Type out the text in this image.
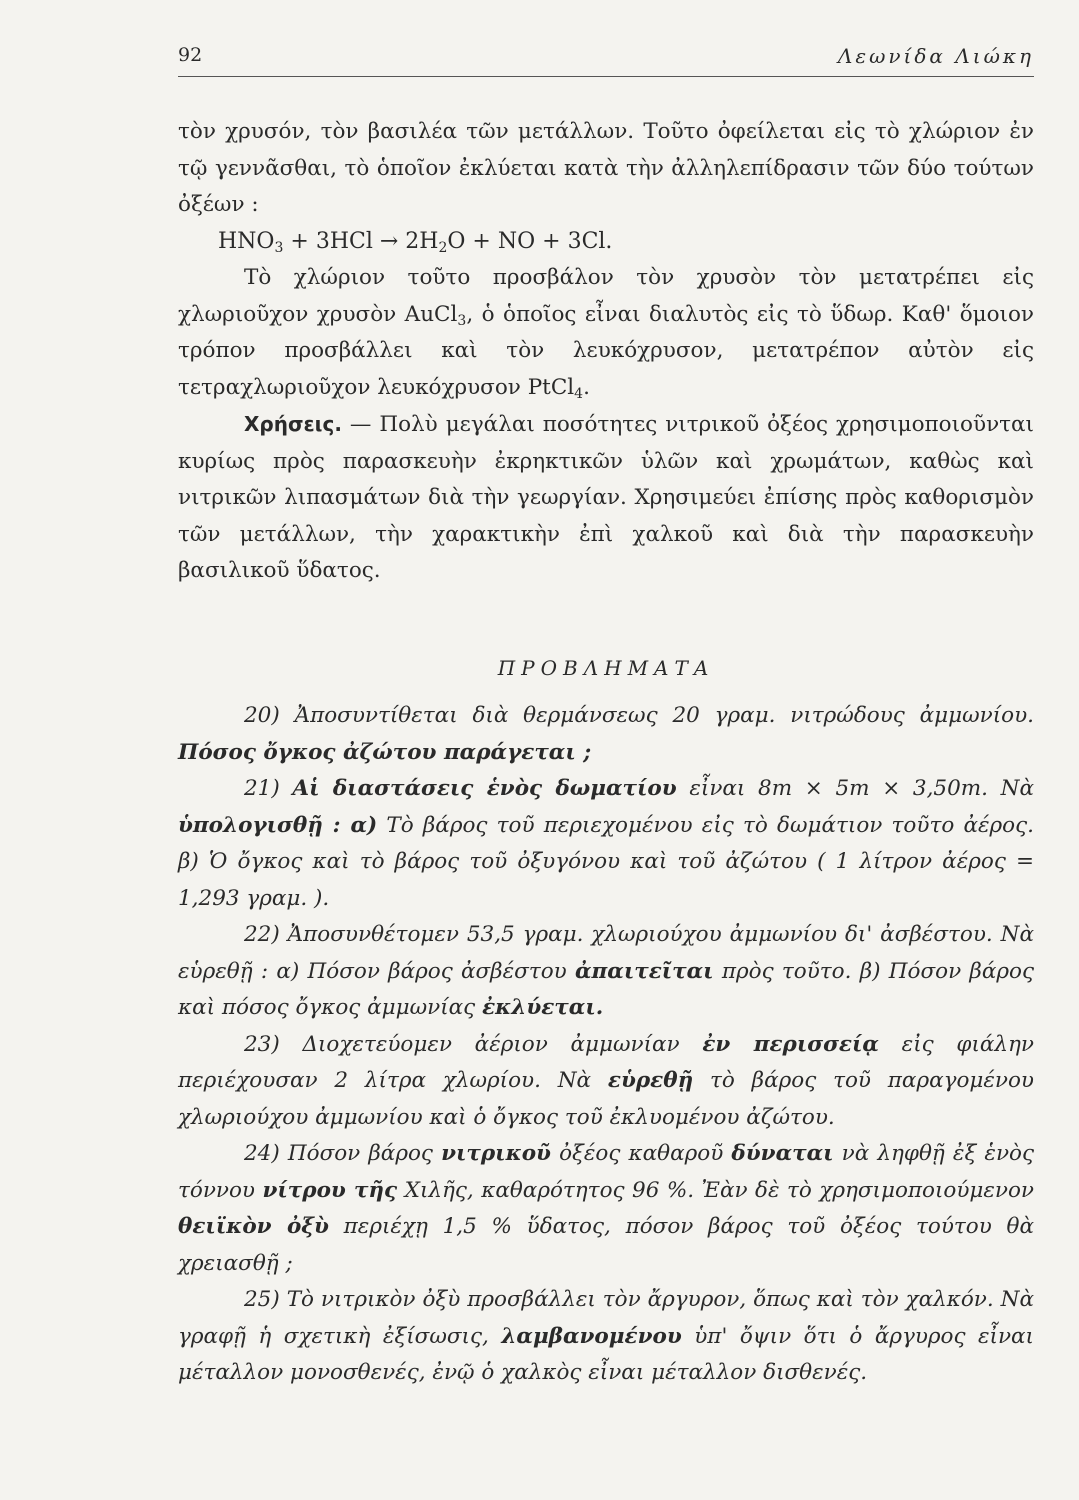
92	Λεωνίδα Λιώκη

τὸν χρυσόν, τὸν βασιλέα τῶν μετάλλων. Τοῦτο ὀφείλεται εἰς τὸ χλώριον ἐν τῷ γεννᾶσθαι, τὸ ὁποῖον ἐκλύεται κατὰ τὴν ἀλληλεπίδρασιν τῶν δύο τούτων ὀξέων :

$HNO_3 + 3HCl \to 2H_2O$ + NO + 3Cl.

Τὸ χλώριον τοῦτο προσβάλον τὸν χρυσὸν τὸν μετατρέπει εἰς χλωριοῦχον χρυσὸν AuCl$_3$, ὁ ὁποῖος εἶναι διαλυτὸς εἰς τὸ ὕδωρ. Καθ' ὅμοιον τρόπον προσβάλλει καὶ τὸν λευκόχρυσον, μετατρέπον αὐτὸν εἰς τετραχλωριοῦχον λευκόχρυσον PtCl$_4$.

Χρήσεις. — Πολὺ μεγάλαι ποσότητες νιτρικοῦ ὀξέος χρησιμοποιοῦνται κυρίως πρὸς παρασκευὴν ἐκρηκτικῶν ὑλῶν καὶ χρωμάτων, καθὼς καὶ νιτρικῶν λιπασμάτων διὰ τὴν γεωργίαν. Χρησιμεύει ἐπίσης πρὸς καθορισμὸν τῶν μετάλλων, τὴν χαρακτικὴν ἐπὶ χαλκοῦ καὶ διὰ τὴν παρασκευὴν βασιλικοῦ ὕδατος.

ΠΡΟΒΛΗΜΑΤΑ

20) Ἀποσυντίθεται διὰ θερμάνσεως 20 γραμ. νιτρώδους ἀμμωνίου. Πόσος ὄγκος ἀζώτου παράγεται ;

21) Αἱ διαστάσεις ἑνὸς δωματίου εἶναι 8m × 5m × 3,50m. Νὰ ὑπολογισθῇ : α) Τὸ βάρος τοῦ περιεχομένου εἰς τὸ δωμάτιον τοῦτο ἀέρος. β) Ὁ ὄγκος καὶ τὸ βάρος τοῦ ὀξυγόνου καὶ τοῦ ἀζώτου ( 1 λίτρον ἀέρος = 1,293 γραμ. ).

22) Ἀποσυνθέτομεν 53,5 γραμ. χλωριούχου ἀμμωνίου δι' ἀσβέστου. Νὰ εὑρεθῇ : α) Πόσον βάρος ἀσβέστου ἀπαιτεῖται πρὸς τοῦτο. β) Πόσον βάρος καὶ πόσος ὄγκος ἀμμωνίας ἐκλύεται.

23) Διοχετεύομεν ἀέριον ἀμμωνίαν ἐν περισσείᾳ εἰς φιάλην περιέχουσαν 2 λίτρα χλωρίου. Νὰ εὑρεθῇ τὸ βάρος τοῦ παραγομένου χλωριούχου ἀμμωνίου καὶ ὁ ὄγκος τοῦ ἐκλυομένου ἀζώτου.

24) Πόσον βάρος νιτρικοῦ ὀξέος καθαροῦ δύναται νὰ ληφθῇ ἐξ ἑνὸς τόννου νίτρου τῆς Χιλῆς, καθαρότητος 96 %. Ἐὰν δὲ τὸ χρησιμοποιούμενον θειϊκὸν ὀξὺ περιέχῃ 1,5 % ὕδατος, πόσον βάρος τοῦ ὀξέος τούτου θὰ χρειασθῇ ;

25) Τὸ νιτρικὸν ὀξὺ προσβάλλει τὸν ἄργυρον, ὅπως καὶ τὸν χαλκόν. Νὰ γραφῇ ἡ σχετικὴ ἐξίσωσις, λαμβανομένου ὑπ' ὄψιν ὅτι ὁ ἄργυρος εἶναι μέταλλον μονοσθενές, ἐνῷ ὁ χαλκὸς εἶναι μέταλλον δισθενές.
